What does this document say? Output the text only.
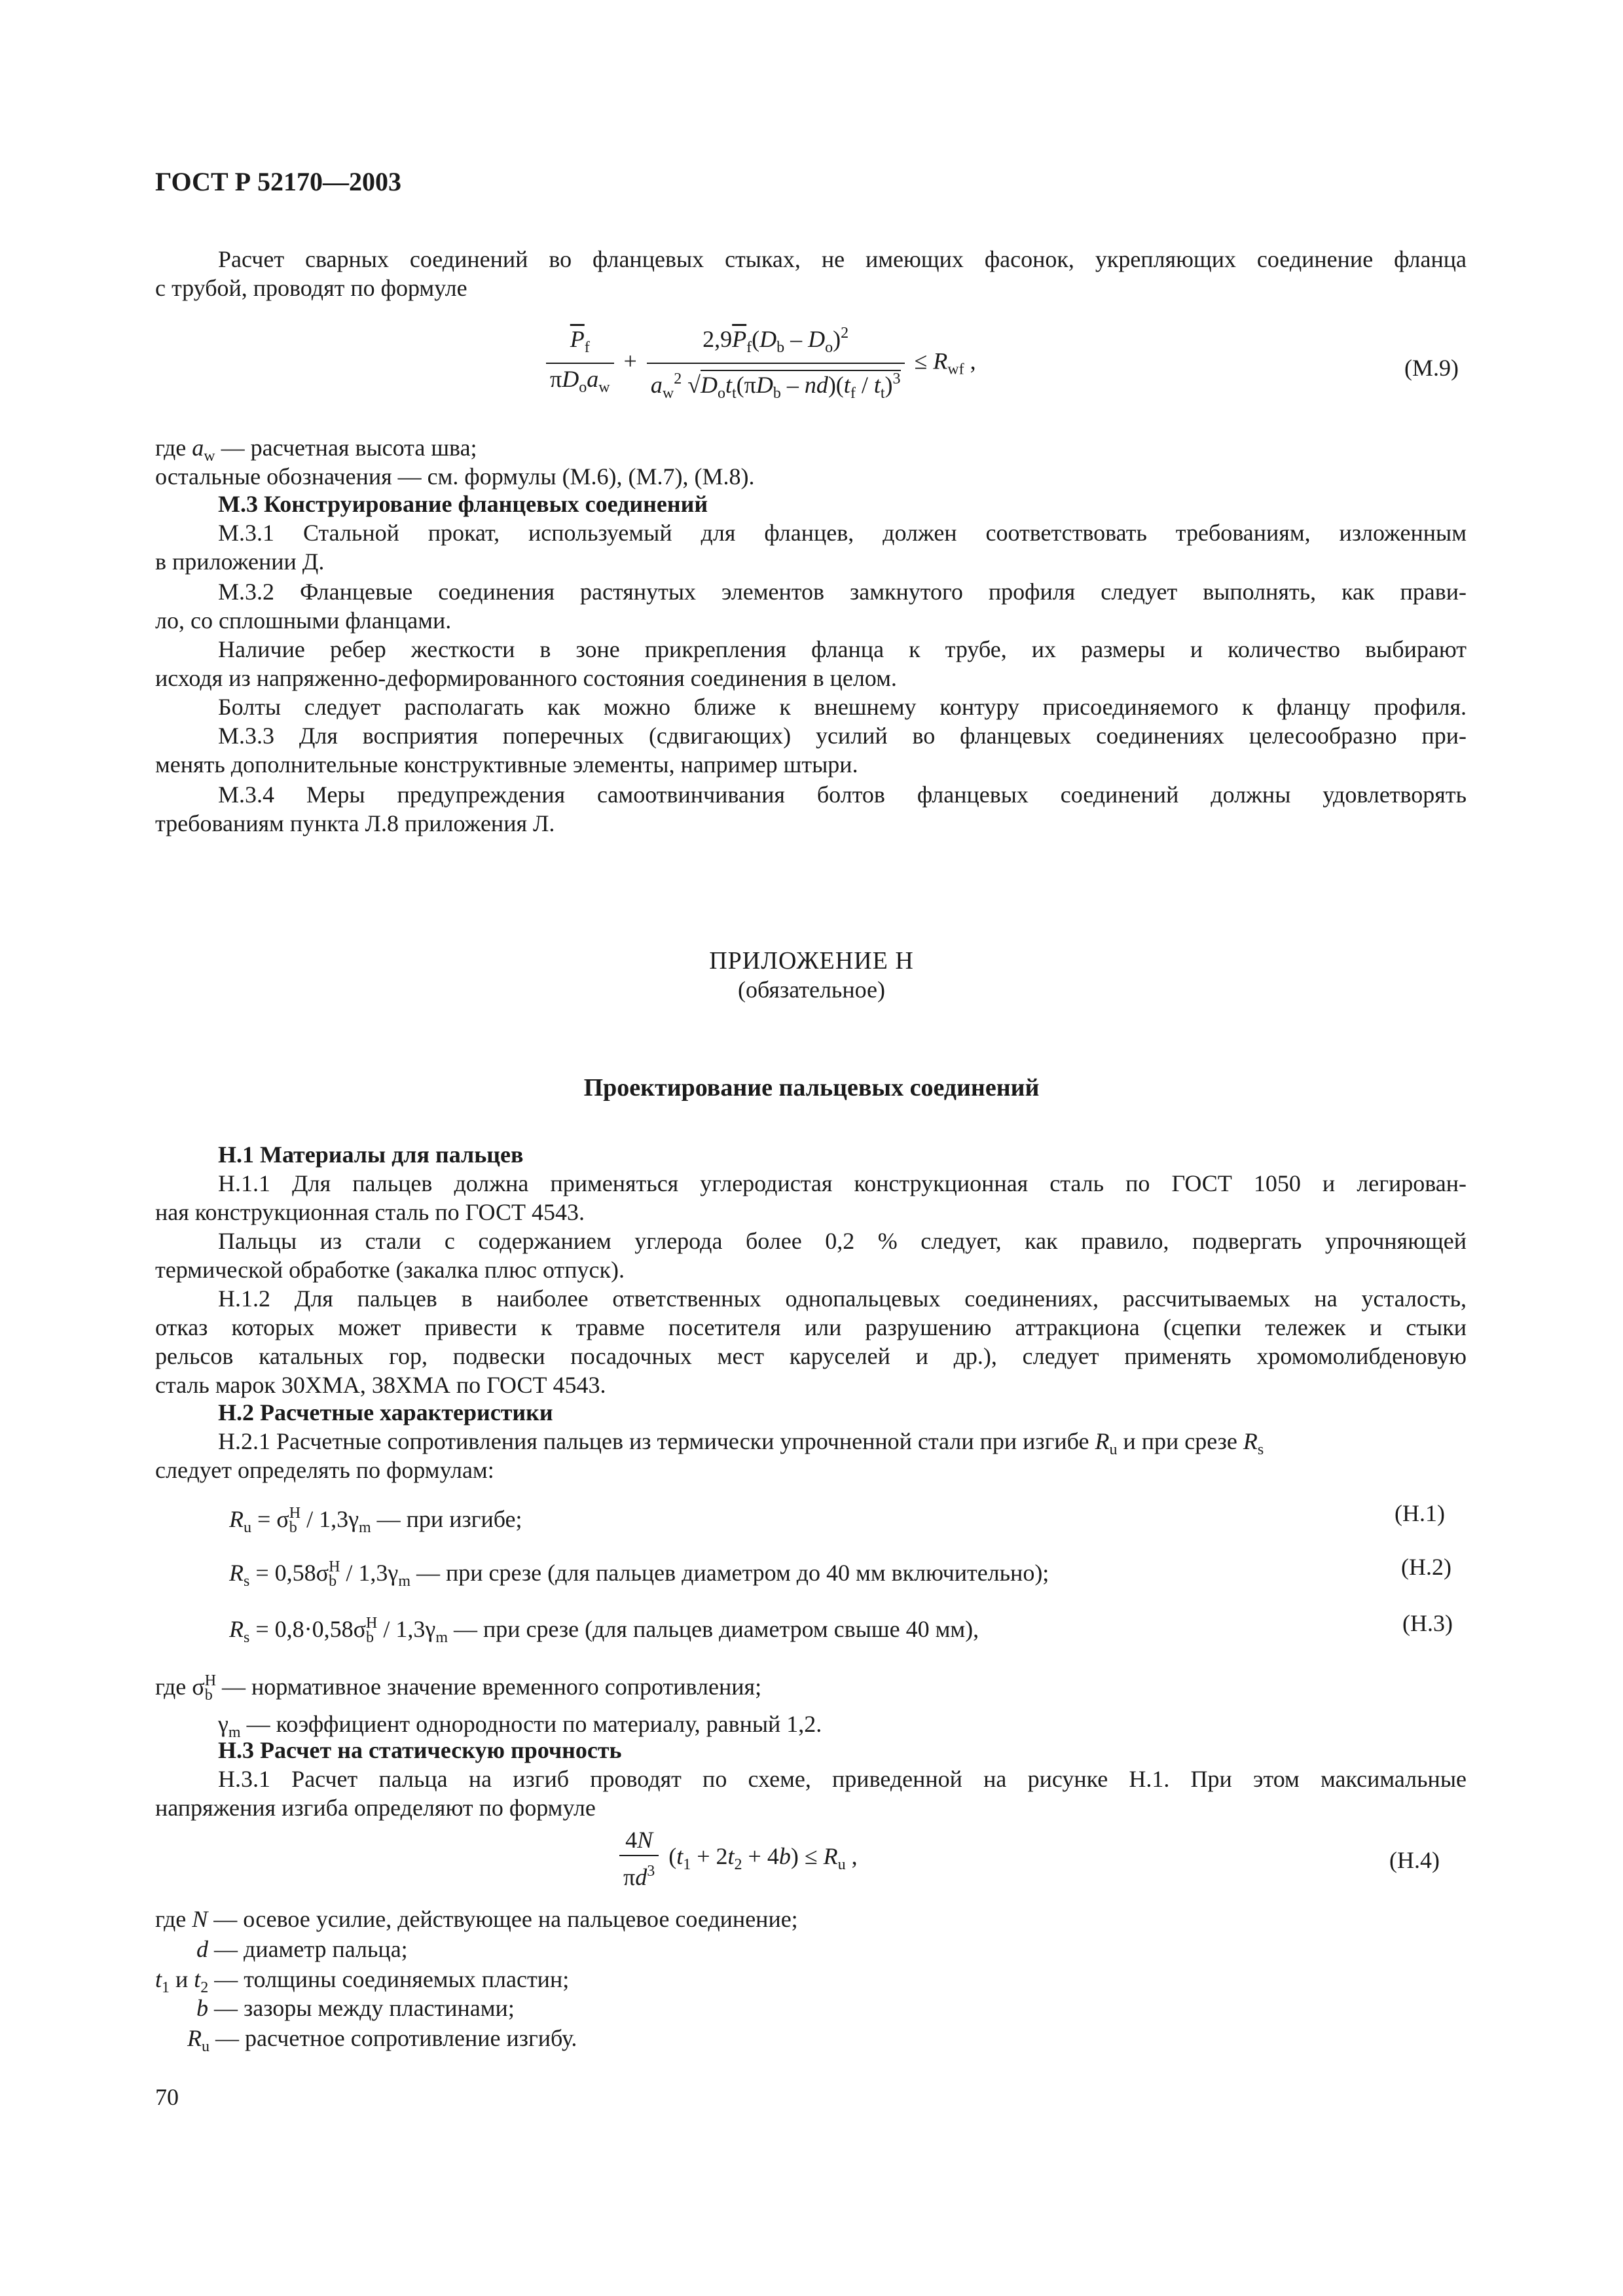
ГОСТ Р 52170—2003
Расчет сварных соединений во фланцевых стыках, не имеющих фасонок, укрепляющих соединение фланца
с трубой, проводят по формуле
$\frac{\overline{P}_f}{\pi D_oa_w} + \frac{2,9\overline{P}_f(D_b - D_o)^2}{a_w^2 √D_ot_t(\pi D_b - nd)(t_f / t_t)^3} \le R_{wf}$ ,	(М.9)
где $a_w$ — расчетная высота шва;
остальные обозначения — см. формулы (М.6), (М.7), (М.8).
М.3 Конструирование фланцевых соединений
М.3.1 Стальной прокат, используемый для фланцев, должен соответствовать требованиям, изложенным
в приложении Д.
М.3.2 Фланцевые соединения растянутых элементов замкнутого профиля следует выполнять, как прави-
ло, со сплошными фланцами.
Наличие ребер жесткости в зоне прикрепления фланца к трубе, их размеры и количество выбирают
исходя из напряженно-деформированного состояния соединения в целом.
Болты следует располагать как можно ближе к внешнему контуру присоединяемого к фланцу профиля.
М.3.3 Для восприятия поперечных (сдвигающих) усилий во фланцевых соединениях целесообразно при-
менять дополнительные конструктивные элементы, например штыри.
М.3.4 Меры предупреждения самоотвинчивания болтов фланцевых соединений должны удовлетворять
требованиям пункта Л.8 приложения Л.
ПРИЛОЖЕНИЕ Н
(обязательное)
Проектирование пальцевых соединений
Н.1 Материалы для пальцев
Н.1.1 Для пальцев должна применяться углеродистая конструкционная сталь по ГОСТ 1050 и легирован-
ная конструкционная сталь по ГОСТ 4543.
Пальцы из стали с содержанием углерода более 0,2 % следует, как правило, подвергать упрочняющей
термической обработке (закалка плюс отпуск).
Н.1.2 Для пальцев в наиболее ответственных однопальцевых соединениях, рассчитываемых на усталость,
отказ которых может привести к травме посетителя или разрушению аттракциона (сцепки тележек и стыки
рельсов катальных гор, подвески посадочных мест каруселей и др.), следует применять хромомолибденовую
сталь марок 30ХМА, 38ХМА по ГОСТ 4543.
Н.2 Расчетные характеристики
Н.2.1 Расчетные сопротивления пальцев из термически упрочненной стали при изгибе $R_u$ и при срезе $R_s$
следует определять по формулам:
$R_u = \sigma_b^H / 1,3\gamma_m$ — при изгибе;	(Н.1)
$R_s = 0,58\sigma_b^H / 1,3\gamma_m$ — при срезе (для пальцев диаметром до 40 мм включительно);	(Н.2)
$R_s = 0,8\cdot 0,58\sigma_b^H / 1,3\gamma_m$ — при срезе (для пальцев диаметром свыше 40 мм),	(Н.3)
где $\sigma_b^H$ — нормативное значение временного сопротивления;
$\gamma_m$ — коэффициент однородности по материалу, равный 1,2.
Н.3 Расчет на статическую прочность
Н.3.1 Расчет пальца на изгиб проводят по схеме, приведенной на рисунке Н.1. При этом максимальные
напряжения изгиба определяют по формуле
$\frac{4N}{\pi d^3} (t_1 + 2t_2 + 4b) \le R_u$ ,	(Н.4)
где N — осевое усилие, действующее на пальцевое соединение;
d — диаметр пальца;
$t_1$ и $t_2$ — толщины соединяемых пластин;
b — зазоры между пластинами;
$R_u$ — расчетное сопротивление изгибу.
70
